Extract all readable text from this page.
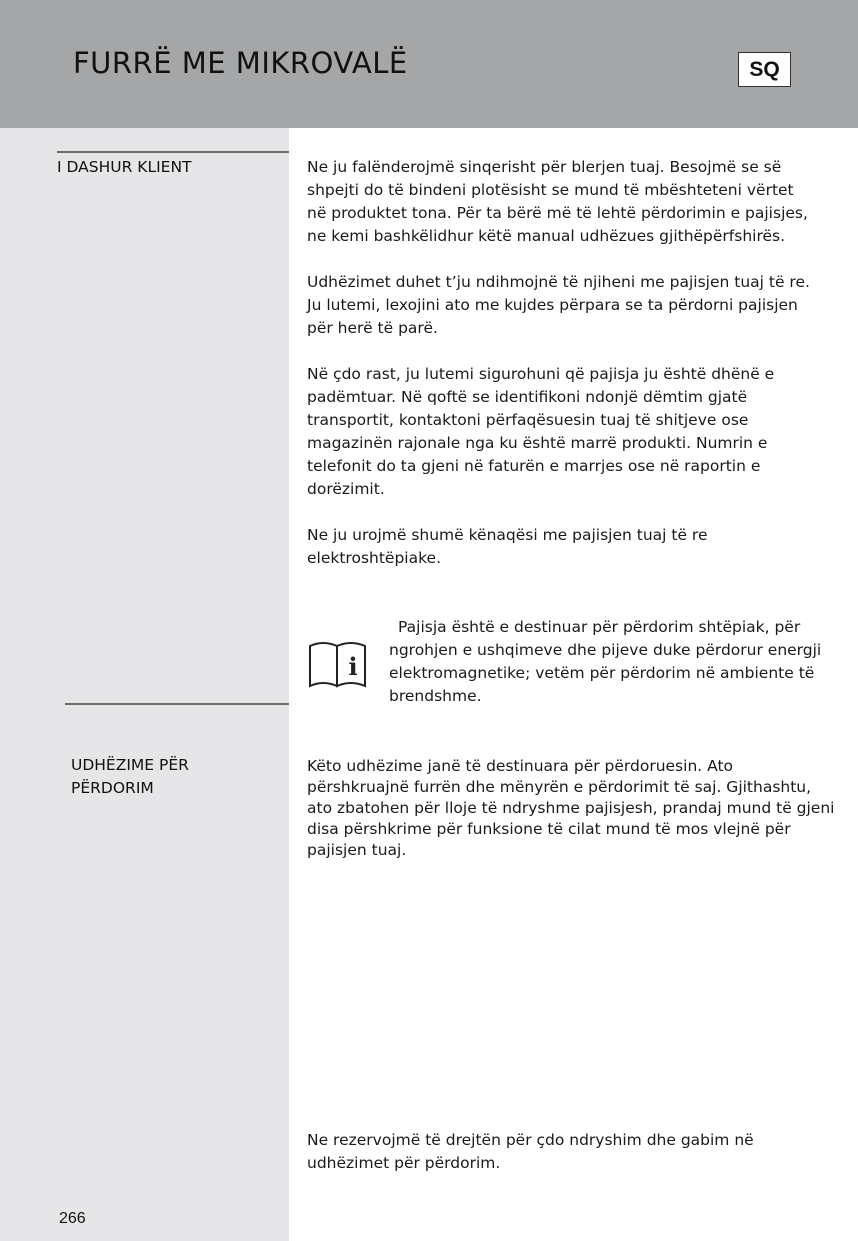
FURRË ME MIKROVALË	SQ
I DASHUR KLIENT	Ne ju falënderojmë sinqerisht për blerjen tuaj. Besojmë se së shpejti do të bindeni plotësisht se mund të mbështeteni vërtet në produktet tona. Për ta bërë më të lehtë përdorimin e pajisjes, ne kemi bashkëlidhur këtë manual udhëzues gjithëpërfshirës.

Udhëzimet duhet t’ju ndihmojnë të njiheni me pajisjen tuaj të re. Ju lutemi, lexojini ato me kujdes përpara se ta përdorni pajisjen për herë të parë.

Në çdo rast, ju lutemi sigurohuni që pajisja ju është dhënë e padëmtuar. Në qoftë se identifikoni ndonjë dëmtim gjatë transportit, kontaktoni përfaqësuesin tuaj të shitjeve ose magazinën rajonale nga ku është marrë produkti. Numrin e telefonit do ta gjeni në faturën e marrjes ose në raportin e dorëzimit.

Ne ju urojmë shumë kënaqësi me pajisjen tuaj të re elektroshtëpiake.

i
Pajisja është e destinuar për përdorim shtëpiak, për ngrohjen e ushqimeve dhe pijeve duke përdorur energji elektromagnetike; vetëm për përdorim në ambiente të brendshme.
UDHËZIME PËR
PËRDORIM
Këto udhëzime janë të destinuara për përdoruesin. Ato përshkruajnë furrën dhe mënyrën e përdorimit të saj. Gjithashtu, ato zbatohen për lloje të ndryshme pajisjesh, prandaj mund të gjeni disa përshkrime për funksione të cilat mund të mos vlejnë për pajisjen tuaj.
Ne rezervojmë të drejtën për çdo ndryshim dhe gabim në udhëzimet për përdorim.
266
